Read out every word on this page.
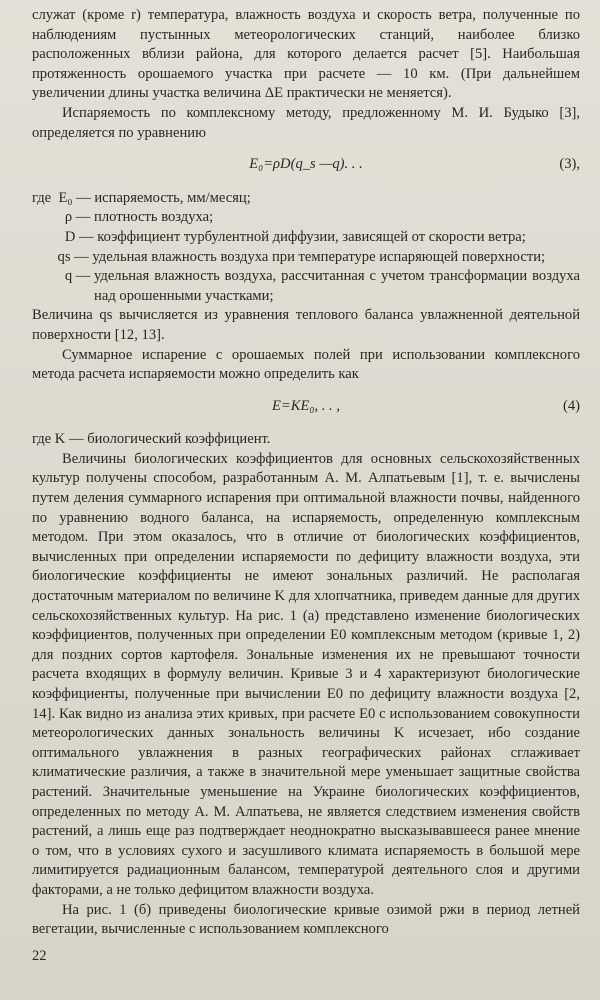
служат (кроме r) температура, влажность воздуха и скорость ветра, полученные по наблюдениям пустынных метеорологических станций, наиболее близко расположенных вблизи района, для которого делается расчет [5]. Наибольшая протяженность орошаемого участка при расчете — 10 км. (При дальнейшем увеличении длины участка величина ΔE практически не меняется).

Испаряемость по комплексному методу, предложенному М. И. Будыко [3], определяется по уравнению

E₀=ρD(q_s —q). . .	(3),
где  E₀ — испаряемость, мм/месяц;
ρ — плотность воздуха;
D — коэффициент турбулентной диффузии, зависящей от скорости ветра;
qs — удельная влажность воздуха при температуре испаряющей поверхности;
q — удельная влажность воздуха, рассчитанная с учетом трансформации воздуха над орошенными участками;

Величина qs вычисляется из уравнения теплового баланса увлажненной деятельной поверхности [12, 13].

Суммарное испарение с орошаемых полей при использовании комплексного метода расчета испаряемости можно определить как

E=KE₀, . . ,	(4)

где K — биологический коэффициент.

Величины биологических коэффициентов для основных сельскохозяйственных культур получены способом, разработанным А. М. Алпатьевым [1], т. е. вычислены путем деления суммарного испарения при оптимальной влажности почвы, найденного по уравнению водного баланса, на испаряемость, определенную комплексным методом. При этом оказалось, что в отличие от биологических коэффициентов, вычисленных при определении испаряемости по дефициту влажности воздуха, эти биологические коэффициенты не имеют зональных различий. Не располагая достаточным материалом по величине K для хлопчатника, приведем данные для других сельскохозяйственных культур. На рис. 1 (a) представлено изменение биологических коэффициентов, полученных при определении E0 комплексным методом (кривые 1, 2) для поздних сортов картофеля. Зональные изменения их не превышают точности расчета входящих в формулу величин. Кривые 3 и 4 характеризуют биологические коэффициенты, полученные при вычислении E0 по дефициту влажности воздуха [2, 14]. Как видно из анализа этих кривых, при расчете E0 с использованием совокупности метеорологических данных зональность величины K исчезает, ибо создание оптимального увлажнения в разных географических районах сглаживает климатические различия, а также в значительной мере уменьшает защитные свойства растений. Значительные уменьшение на Украине биологических коэффициентов, определенных по методу А. М. Алпатьева, не является следствием изменения свойств растений, а лишь еще раз подтверждает неоднократно высказывавшееся ранее мнение о том, что в условиях сухого и засушливого климата испаряемость в большой мере лимитируется радиационным балансом, температурой деятельного слоя и другими факторами, а не только дефицитом влажности воздуха.

На рис. 1 (б) приведены биологические кривые озимой ржи в период летней вегетации, вычисленные с использованием комплексного

22
